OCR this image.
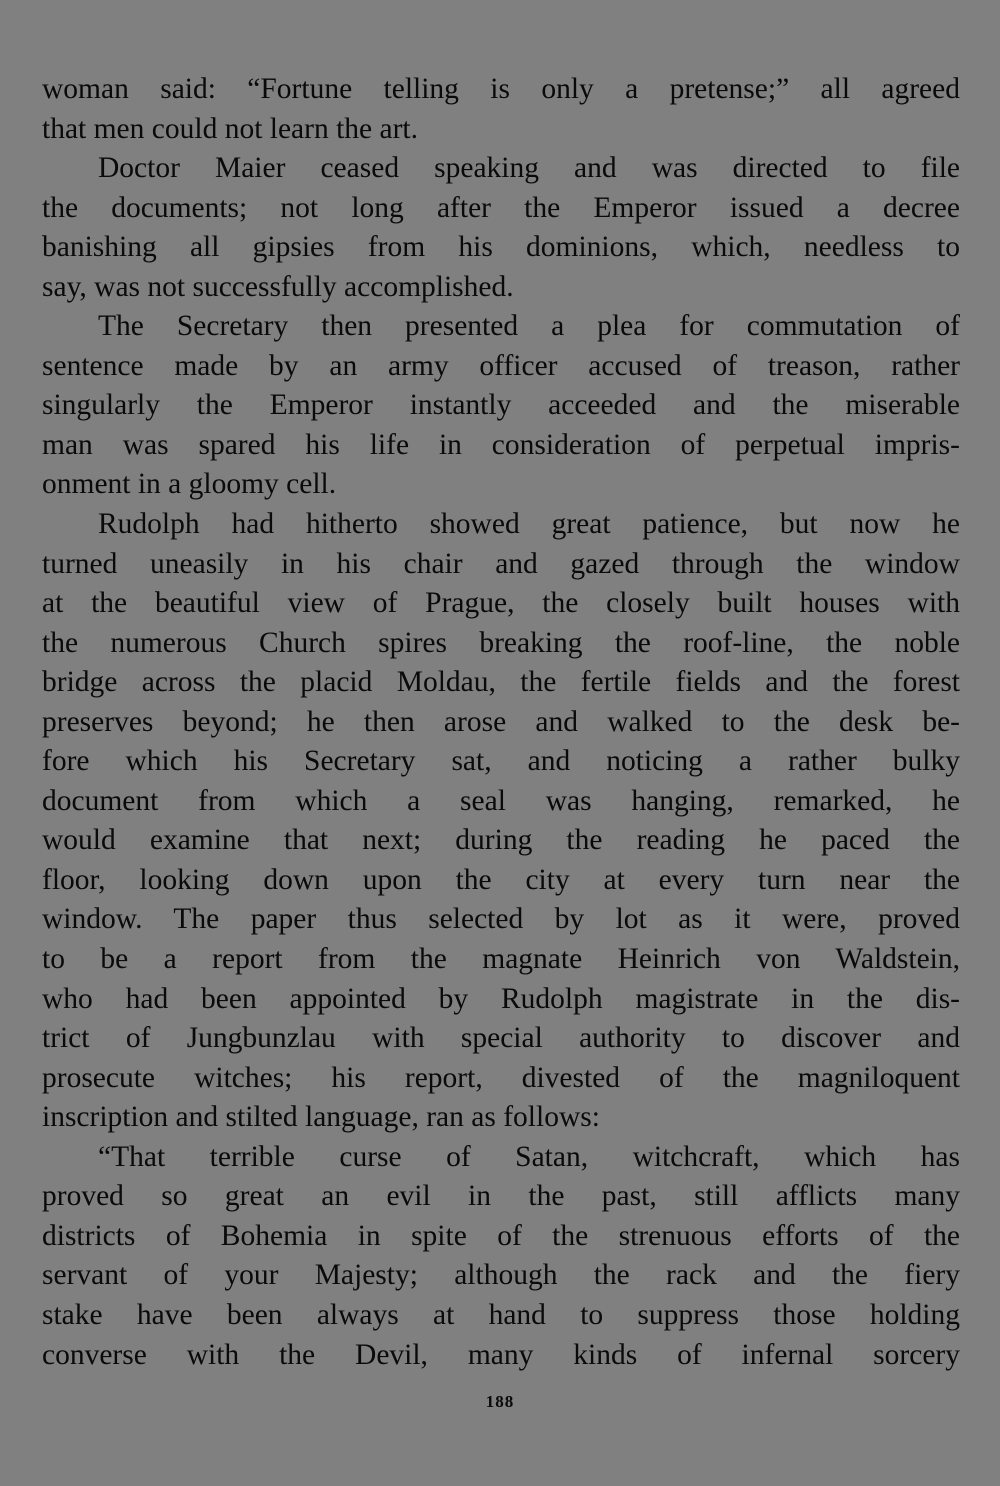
woman said: “Fortune telling is only a pretense;” all agreed
that men could not learn the art.
Doctor Maier ceased speaking and was directed to file
the documents; not long after the Emperor issued a decree
banishing all gipsies from his dominions, which, needless to
say, was not successfully accomplished.
The Secretary then presented a plea for commutation of
sentence made by an army officer accused of treason, rather
singularly the Emperor instantly acceeded and the miserable
man was spared his life in consideration of perpetual impris-
onment in a gloomy cell.
Rudolph had hitherto showed great patience, but now he
turned uneasily in his chair and gazed through the window
at the beautiful view of Prague, the closely built houses with
the numerous Church spires breaking the roof-line, the noble
bridge across the placid Moldau, the fertile fields and the forest
preserves beyond; he then arose and walked to the desk be-
fore which his Secretary sat, and noticing a rather bulky
document from which a seal was hanging, remarked, he
would examine that next; during the reading he paced the
floor, looking down upon the city at every turn near the
window. The paper thus selected by lot as it were, proved
to be a report from the magnate Heinrich von Waldstein,
who had been appointed by Rudolph magistrate in the dis-
trict of Jungbunzlau with special authority to discover and
prosecute witches; his report, divested of the magniloquent
inscription and stilted language, ran as follows:
“That terrible curse of Satan, witchcraft, which has
proved so great an evil in the past, still afflicts many
districts of Bohemia in spite of the strenuous efforts of the
servant of your Majesty; although the rack and the fiery
stake have been always at hand to suppress those holding
converse with the Devil, many kinds of infernal sorcery
188
